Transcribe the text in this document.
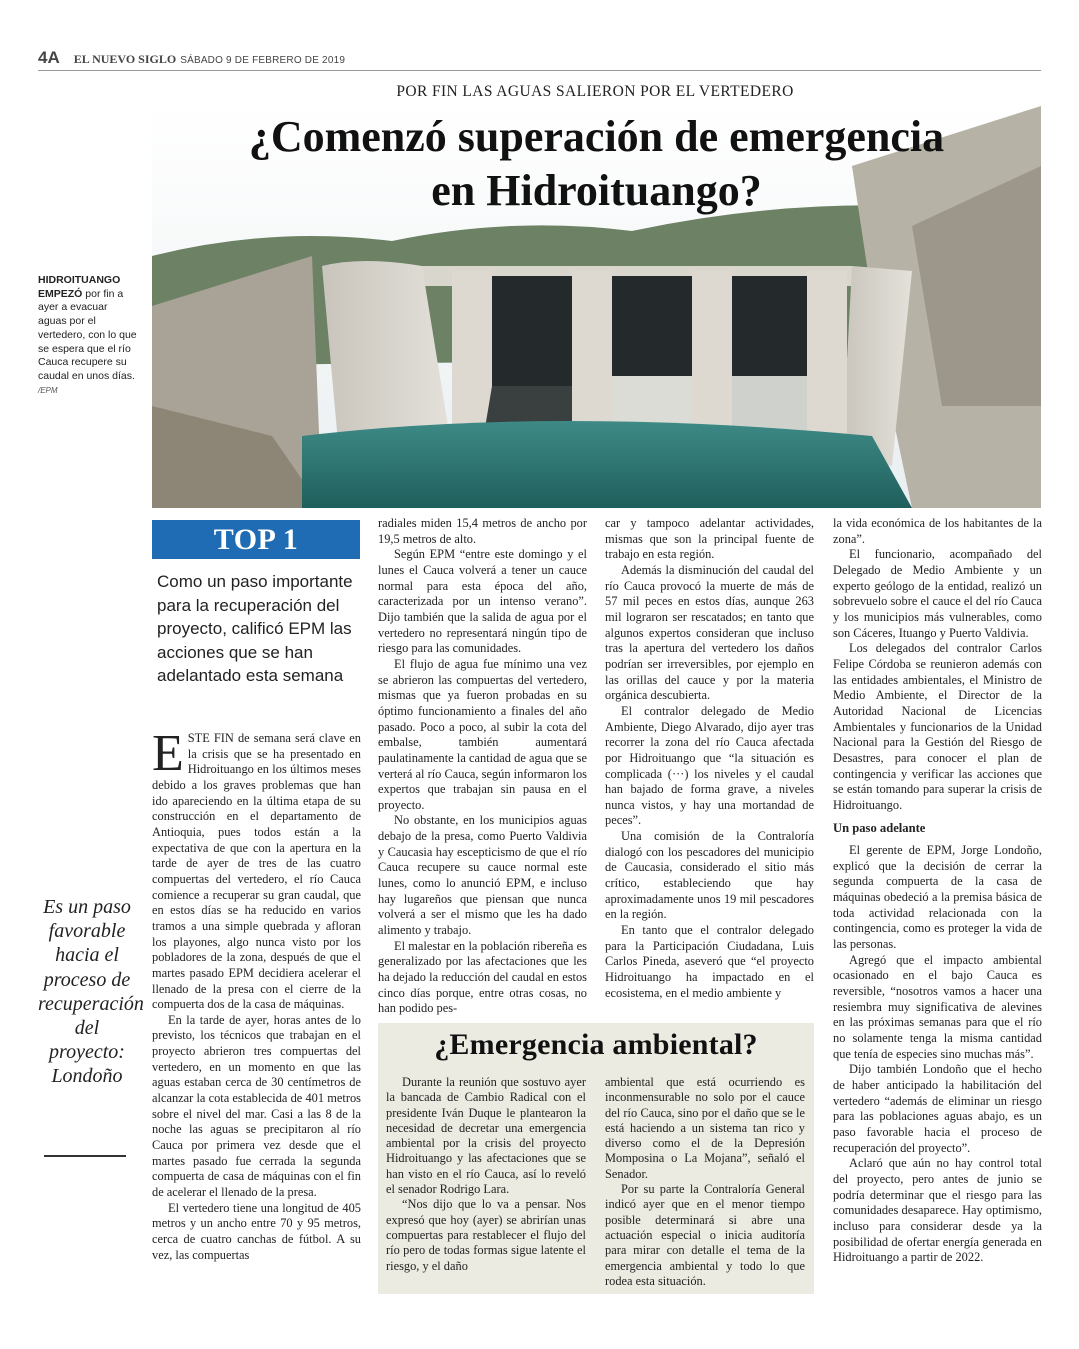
4A EL NUEVO SIGLO SÁBADO 9 DE FEBRERO DE 2019
POR FIN LAS AGUAS SALIERON POR EL VERTEDERO
¿Comenzó superación de emergencia
en Hidroituango?
HIDROITUANGO EMPEZÓ por fin a ayer a evacuar aguas por el vertedero, con lo que se espera que el río Cauca recupere su caudal en unos días. /EPM
TOP 1
Como un paso importante para la recuperación del proyecto, calificó EPM las acciones que se han adelantado esta semana
Es un paso favorable hacia el proceso de recuperación del proyecto: Londoño

ESTE FIN de semana será clave en la crisis que se ha presentado en Hidroituango en los últimos meses debido a los graves problemas que han ido apareciendo en la última etapa de su construcción en el departamento de Antioquia, pues todos están a la expectativa de que con la apertura en la tarde de ayer de tres de las cuatro compuertas del vertedero, el río Cauca comience a recuperar su gran caudal, que en estos días se ha reducido en varios tramos a una simple quebrada y afloran los playones, algo nunca visto por los pobladores de la zona, después de que el martes pasado EPM decidiera acelerar el llenado de la presa con el cierre de la compuerta dos de la casa de máquinas.

En la tarde de ayer, horas antes de lo previsto, los técnicos que trabajan en el proyecto abrieron tres compuertas del vertedero, en un momento en que las aguas estaban cerca de 30 centímetros de alcanzar la cota establecida de 401 metros sobre el nivel del mar. Casi a las 8 de la noche las aguas se precipitaron al río Cauca por primera vez desde que el martes pasado fue cerrada la segunda compuerta de casa de máquinas con el fin de acelerar el llenado de la presa.

El vertedero tiene una longitud de 405 metros y un ancho entre 70 y 95 metros, cerca de cuatro canchas de fútbol. A su vez, las compuertas

radiales miden 15,4 metros de ancho por 19,5 metros de alto.

Según EPM “entre este domingo y el lunes el Cauca volverá a tener un cauce normal para esta época del año, caracterizada por un intenso verano”. Dijo también que la salida de agua por el vertedero no representará ningún tipo de riesgo para las comunidades.

El flujo de agua fue mínimo una vez se abrieron las compuertas del vertedero, mismas que ya fueron probadas en su óptimo funcionamiento a finales del año pasado. Poco a poco, al subir la cota del embalse, también aumentará paulatinamente la cantidad de agua que se verterá al río Cauca, según informaron los expertos que trabajan sin pausa en el proyecto.

No obstante, en los municipios aguas debajo de la presa, como Puerto Valdivia y Caucasia hay escepticismo de que el río Cauca recupere su cauce normal este lunes, como lo anunció EPM, e incluso hay lugareños que piensan que nunca volverá a ser el mismo que les ha dado alimento y trabajo.

El malestar en la población ribereña es generalizado por las afectaciones que les ha dejado la reducción del caudal en estos cinco días porque, entre otras cosas, no han podido pes-

car y tampoco adelantar actividades, mismas que son la principal fuente de trabajo en esta región.

Además la disminución del caudal del río Cauca provocó la muerte de más de 57 mil peces en estos días, aunque 263 mil lograron ser rescatados; en tanto que algunos expertos consideran que incluso tras la apertura del vertedero los daños podrían ser irreversibles, por ejemplo en las orillas del cauce y por la materia orgánica descubierta.

El contralor delegado de Medio Ambiente, Diego Alvarado, dijo ayer tras recorrer la zona del río Cauca afectada por Hidroituango que “la situación es complicada (···) los niveles y el caudal han bajado de forma grave, a niveles nunca vistos, y hay una mortandad de peces”.

Una comisión de la Contraloría dialogó con los pescadores del municipio de Caucasia, considerado el sitio más crítico, estableciendo que hay aproximadamente unos 19 mil pescadores en la región.

En tanto que el contralor delegado para la Participación Ciudadana, Luis Carlos Pineda, aseveró que “el proyecto Hidroituango ha impactado en el ecosistema, en el medio ambiente y

la vida económica de los habitantes de la zona”.

El funcionario, acompañado del Delegado de Medio Ambiente y un experto geólogo de la entidad, realizó un sobrevuelo sobre el cauce el del río Cauca y los municipios más vulnerables, como son Cáceres, Ituango y Puerto Valdivia.

Los delegados del contralor Carlos Felipe Córdoba se reunieron además con las entidades ambientales, el Ministro de Medio Ambiente, el Director de la Autoridad Nacional de Licencias Ambientales y funcionarios de la Unidad Nacional para la Gestión del Riesgo de Desastres, para conocer el plan de contingencia y verificar las acciones que se están tomando para superar la crisis de Hidroituango.

Un paso adelante

El gerente de EPM, Jorge Londoño, explicó que la decisión de cerrar la segunda compuerta de la casa de máquinas obedeció a la premisa básica de toda actividad relacionada con la contingencia, como es proteger la vida de las personas.

Agregó que el impacto ambiental ocasionado en el bajo Cauca es reversible, “nosotros vamos a hacer una resiembra muy significativa de alevines en las próximas semanas para que el río no solamente tenga la misma cantidad que tenía de especies sino muchas más”.

Dijo también Londoño que el hecho de haber anticipado la habilitación del vertedero “además de eliminar un riesgo para las poblaciones aguas abajo, es un paso favorable hacia el proceso de recuperación del proyecto”.

Aclaró que aún no hay control total del proyecto, pero antes de junio se podría determinar que el riesgo para las comunidades desaparece. Hay optimismo, incluso para considerar desde ya la posibilidad de ofertar energía generada en Hidroituango a partir de 2022.

¿Emergencia ambiental?

Durante la reunión que sostuvo ayer la bancada de Cambio Radical con el presidente Iván Duque le plantearon la necesidad de decretar una emergencia ambiental por la crisis del proyecto Hidroituango y las afectaciones que se han visto en el río Cauca, así lo reveló el senador Rodrigo Lara.

“Nos dijo que lo va a pensar. Nos expresó que hoy (ayer) se abrirían unas compuertas para restablecer el flujo del río pero de todas formas sigue latente el riesgo, y el daño

ambiental que está ocurriendo es inconmensurable no solo por el cauce del río Cauca, sino por el daño que se le está haciendo a un sistema tan rico y diverso como el de la Depresión Momposina o La Mojana”, señaló el Senador.

Por su parte la Contraloría General indicó ayer que en el menor tiempo posible determinará si abre una actuación especial o inicia auditoría para mirar con detalle el tema de la emergencia ambiental y todo lo que rodea esta situación.
